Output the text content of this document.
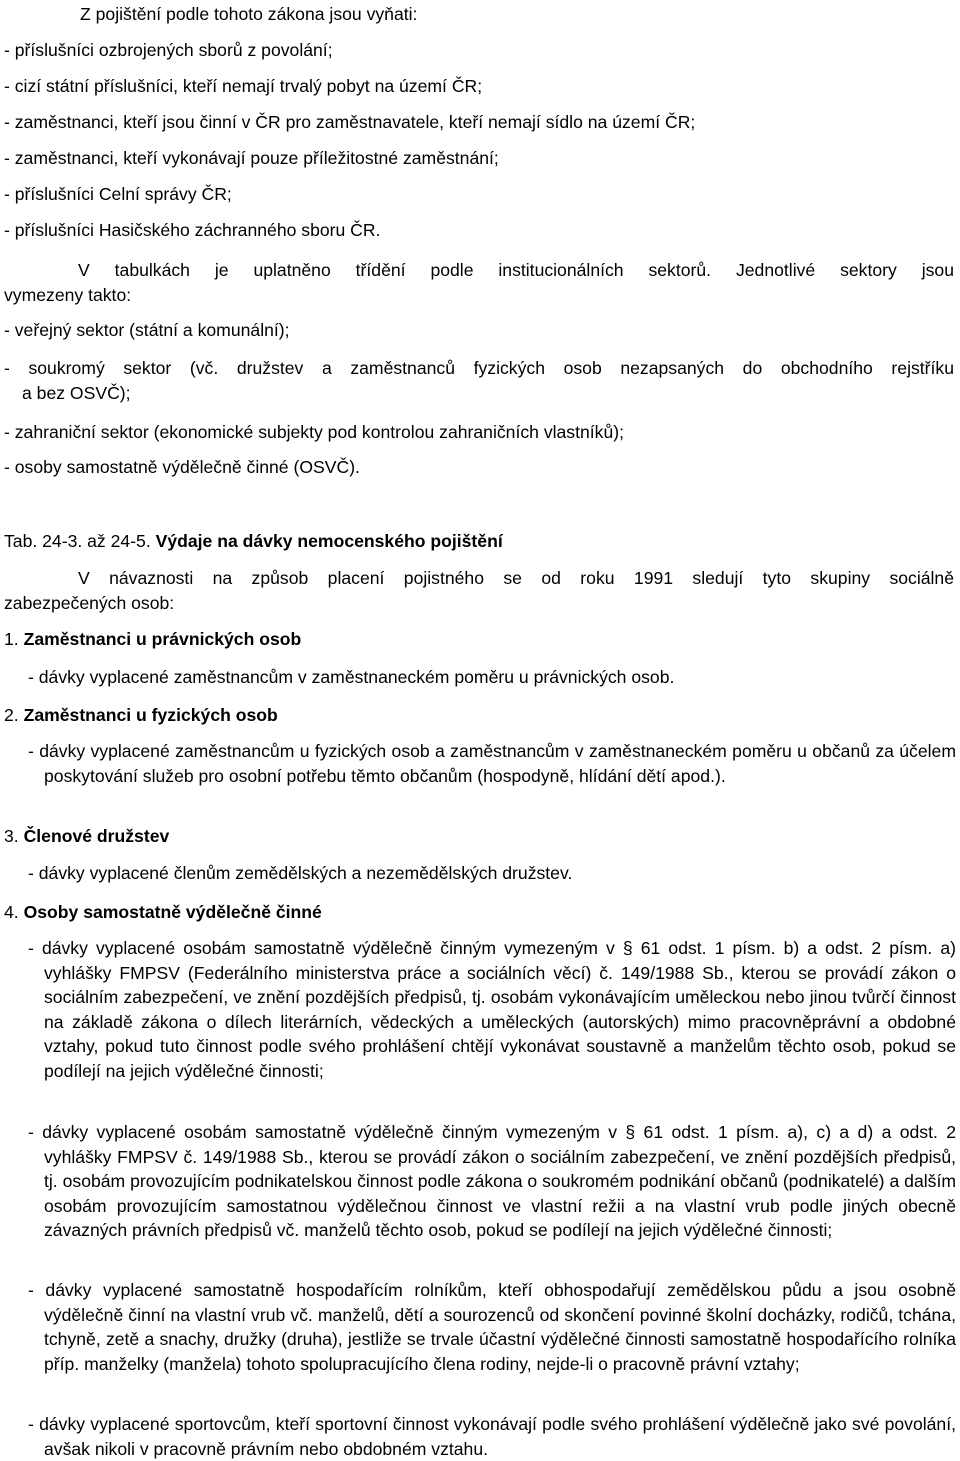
Z pojištění podle tohoto zákona jsou vyňati:
- příslušníci ozbrojených sborů z povolání;
- cizí státní příslušníci, kteří nemají trvalý pobyt na území ČR;
- zaměstnanci, kteří jsou činní v ČR pro zaměstnavatele, kteří nemají sídlo na území ČR;
- zaměstnanci, kteří vykonávají pouze příležitostné zaměstnání;
- příslušníci Celní správy ČR;
- příslušníci Hasičského záchranného sboru ČR.
V tabulkách je uplatněno třídění podle institucionálních sektorů. Jednotlivé sektory jsou
vymezeny takto:
- veřejný sektor (státní a komunální);
- soukromý sektor (vč. družstev a zaměstnanců fyzických osob nezapsaných do obchodního rejstříku
a bez OSVČ);
- zahraniční sektor (ekonomické subjekty pod kontrolou zahraničních vlastníků);
- osoby samostatně výdělečně činné (OSVČ).
Tab. 24-3. až 24-5. Výdaje na dávky nemocenského pojištění
V návaznosti na způsob placení pojistného se od roku 1991 sledují tyto skupiny sociálně
zabezpečených osob:
1. Zaměstnanci u právnických osob
- dávky vyplacené zaměstnancům v zaměstnaneckém poměru u právnických osob.
2. Zaměstnanci u fyzických osob

- dávky vyplacené zaměstnancům u fyzických osob a zaměstnancům v zaměstnaneckém poměru u občanů za účelem poskytování služeb pro osobní potřebu těmto občanům (hospodyně, hlídání dětí apod.).

3. Členové družstev
- dávky vyplacené členům zemědělských a nezemědělských družstev.
4. Osoby samostatně výdělečně činné

- dávky vyplacené osobám samostatně výdělečně činným vymezeným v § 61 odst. 1 písm. b) a odst. 2 písm. a) vyhlášky FMPSV (Federálního ministerstva práce a sociálních věcí) č. 149/1988 Sb., kterou se provádí zákon o sociálním zabezpečení, ve znění pozdějších předpisů, tj. osobám vykonávajícím uměleckou nebo jinou tvůrčí činnost na základě zákona o dílech literárních, vědeckých a uměleckých (autorských) mimo pracovněprávní a obdobné vztahy, pokud tuto činnost podle svého prohlášení chtějí vykonávat soustavně a manželům těchto osob, pokud se podílejí na jejich výdělečné činnosti;

- dávky vyplacené osobám samostatně výdělečně činným vymezeným v § 61 odst. 1 písm. a), c) a d) a odst. 2 vyhlášky FMPSV č. 149/1988 Sb., kterou se provádí zákon o sociálním zabezpečení, ve znění pozdějších předpisů, tj. osobám provozujícím podnikatelskou činnost podle zákona o soukromém podnikání občanů (podnikatelé) a dalším osobám provozujícím samostatnou výdělečnou činnost ve vlastní režii a na vlastní vrub podle jiných obecně závazných právních předpisů vč. manželů těchto osob, pokud se podílejí na jejich výdělečné činnosti;

- dávky vyplacené samostatně hospodařícím rolníkům, kteří obhospodařují zemědělskou půdu a jsou osobně výdělečně činní na vlastní vrub vč. manželů, dětí a sourozenců od skončení povinné školní docházky, rodičů, tchána, tchyně, zetě a snachy, družky (druha), jestliže se trvale účastní výdělečné činnosti samostatně hospodařícího rolníka příp. manželky (manžela) tohoto spolupracujícího člena rodiny, nejde-li o pracovně právní vztahy;

- dávky vyplacené sportovcům, kteří sportovní činnost vykonávají podle svého prohlášení výdělečně jako své povolání, avšak nikoli v pracovně právním nebo obdobném vztahu.
